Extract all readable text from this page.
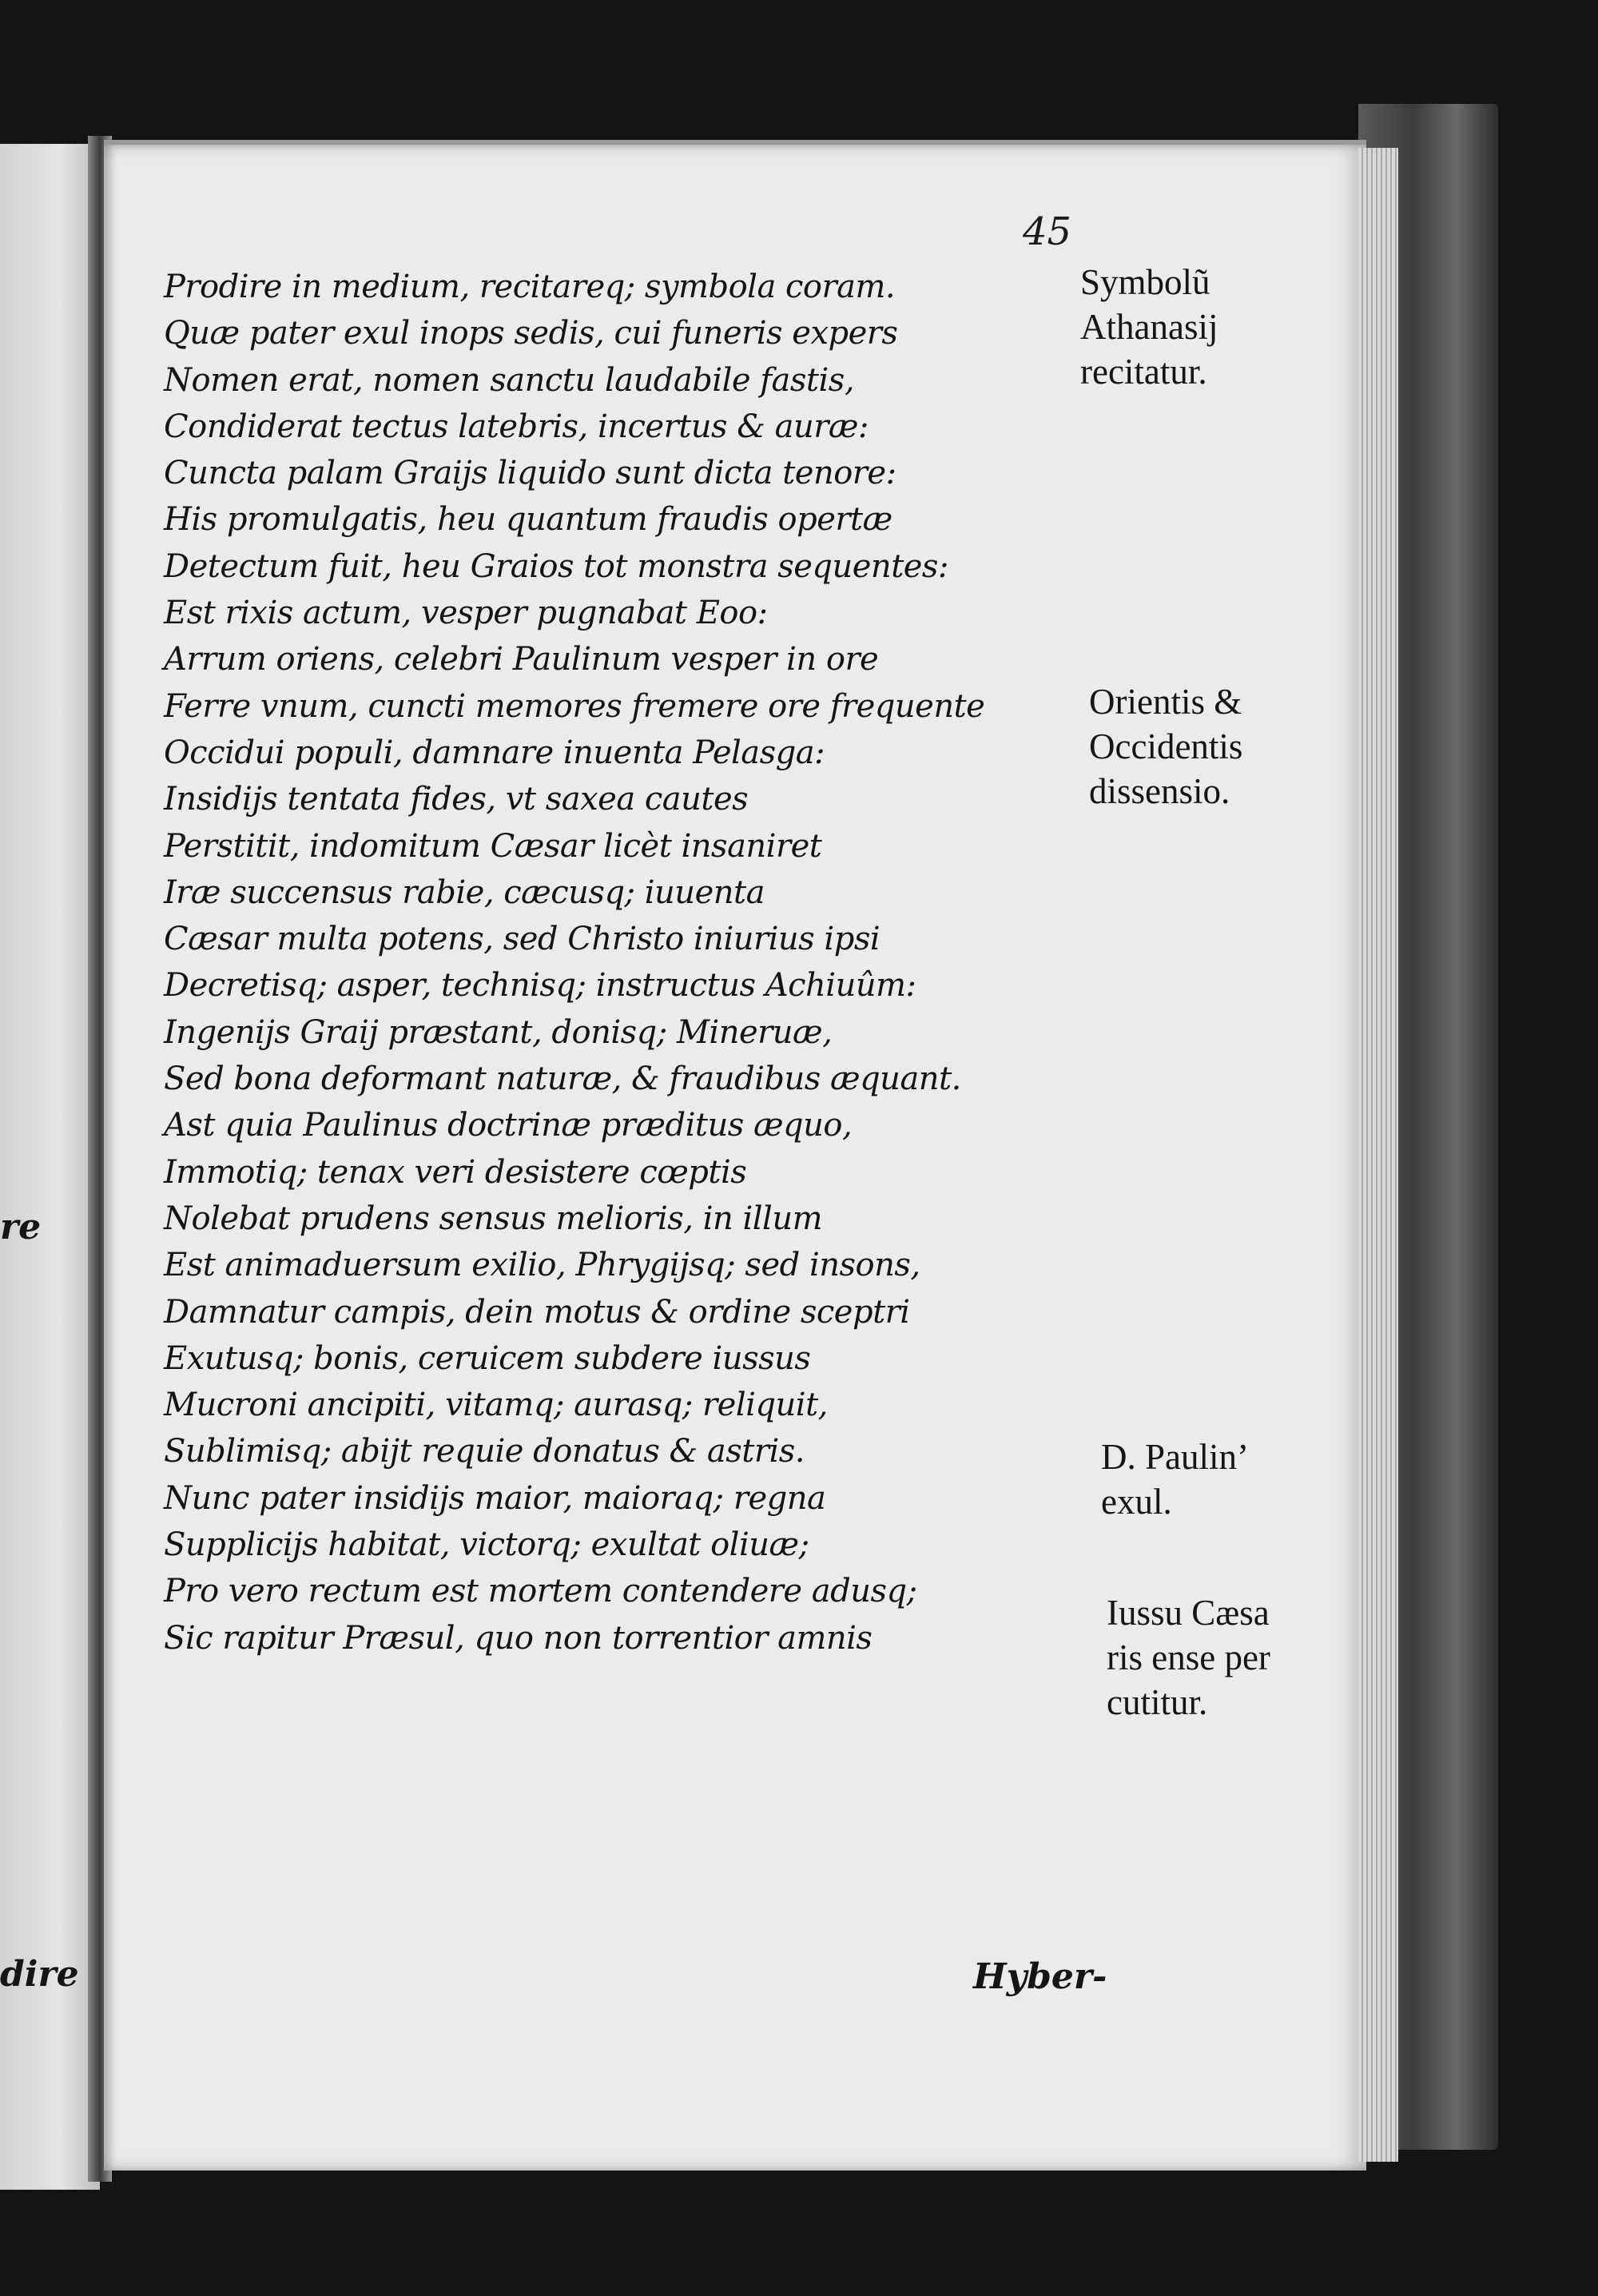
re
dire
45
Prodire in medium, recitareq; symbola coram.
Quæ pater exul inops sedis, cui funeris expers
Nomen erat, nomen sanctu laudabile fastis,
Condiderat tectus latebris, incertus & auræ:
Cuncta palam Graijs liquido sunt dicta tenore:
His promulgatis, heu quantum fraudis opertæ
Detectum fuit, heu Graios tot monstra sequentes:
Est rixis actum, vesper pugnabat Eoo:
Arrum oriens, celebri Paulinum vesper in ore
Ferre vnum, cuncti memores fremere ore frequente
Occidui populi, damnare inuenta Pelasga:
Insidijs tentata fides, vt saxea cautes
Perstitit, indomitum Cæsar licèt insaniret
Iræ succensus rabie, cæcusq; iuuenta
Cæsar multa potens, sed Christo iniurius ipsi
Decretisq; asper, technisq; instructus Achiuûm:
Ingenijs Graij præstant, donisq; Mineruæ,
Sed bona deformant naturæ, & fraudibus æquant.
Ast quia Paulinus doctrinæ præditus æquo,
Immotiq; tenax veri desistere cœptis
Nolebat prudens sensus melioris, in illum
Est animaduersum exilio, Phrygijsq; sed insons,
Damnatur campis, dein motus & ordine sceptri
Exutusq; bonis, ceruicem subdere iussus
Mucroni ancipiti, vitamq; aurasq; reliquit,
Sublimisq; abijt requie donatus & astris.
Nunc pater insidijs maior, maioraq; regna
Supplicijs habitat, victorq; exultat oliuæ;
Pro vero rectum est mortem contendere adusq;
Sic rapitur Præsul, quo non torrentior amnis
Symbolũ
Athanasij
recitatur.
Orientis &
Occidentis
dissensio.
D. Paulin’
exul.
Iussu Cæsa
ris ense per
cutitur.
Hyber-
